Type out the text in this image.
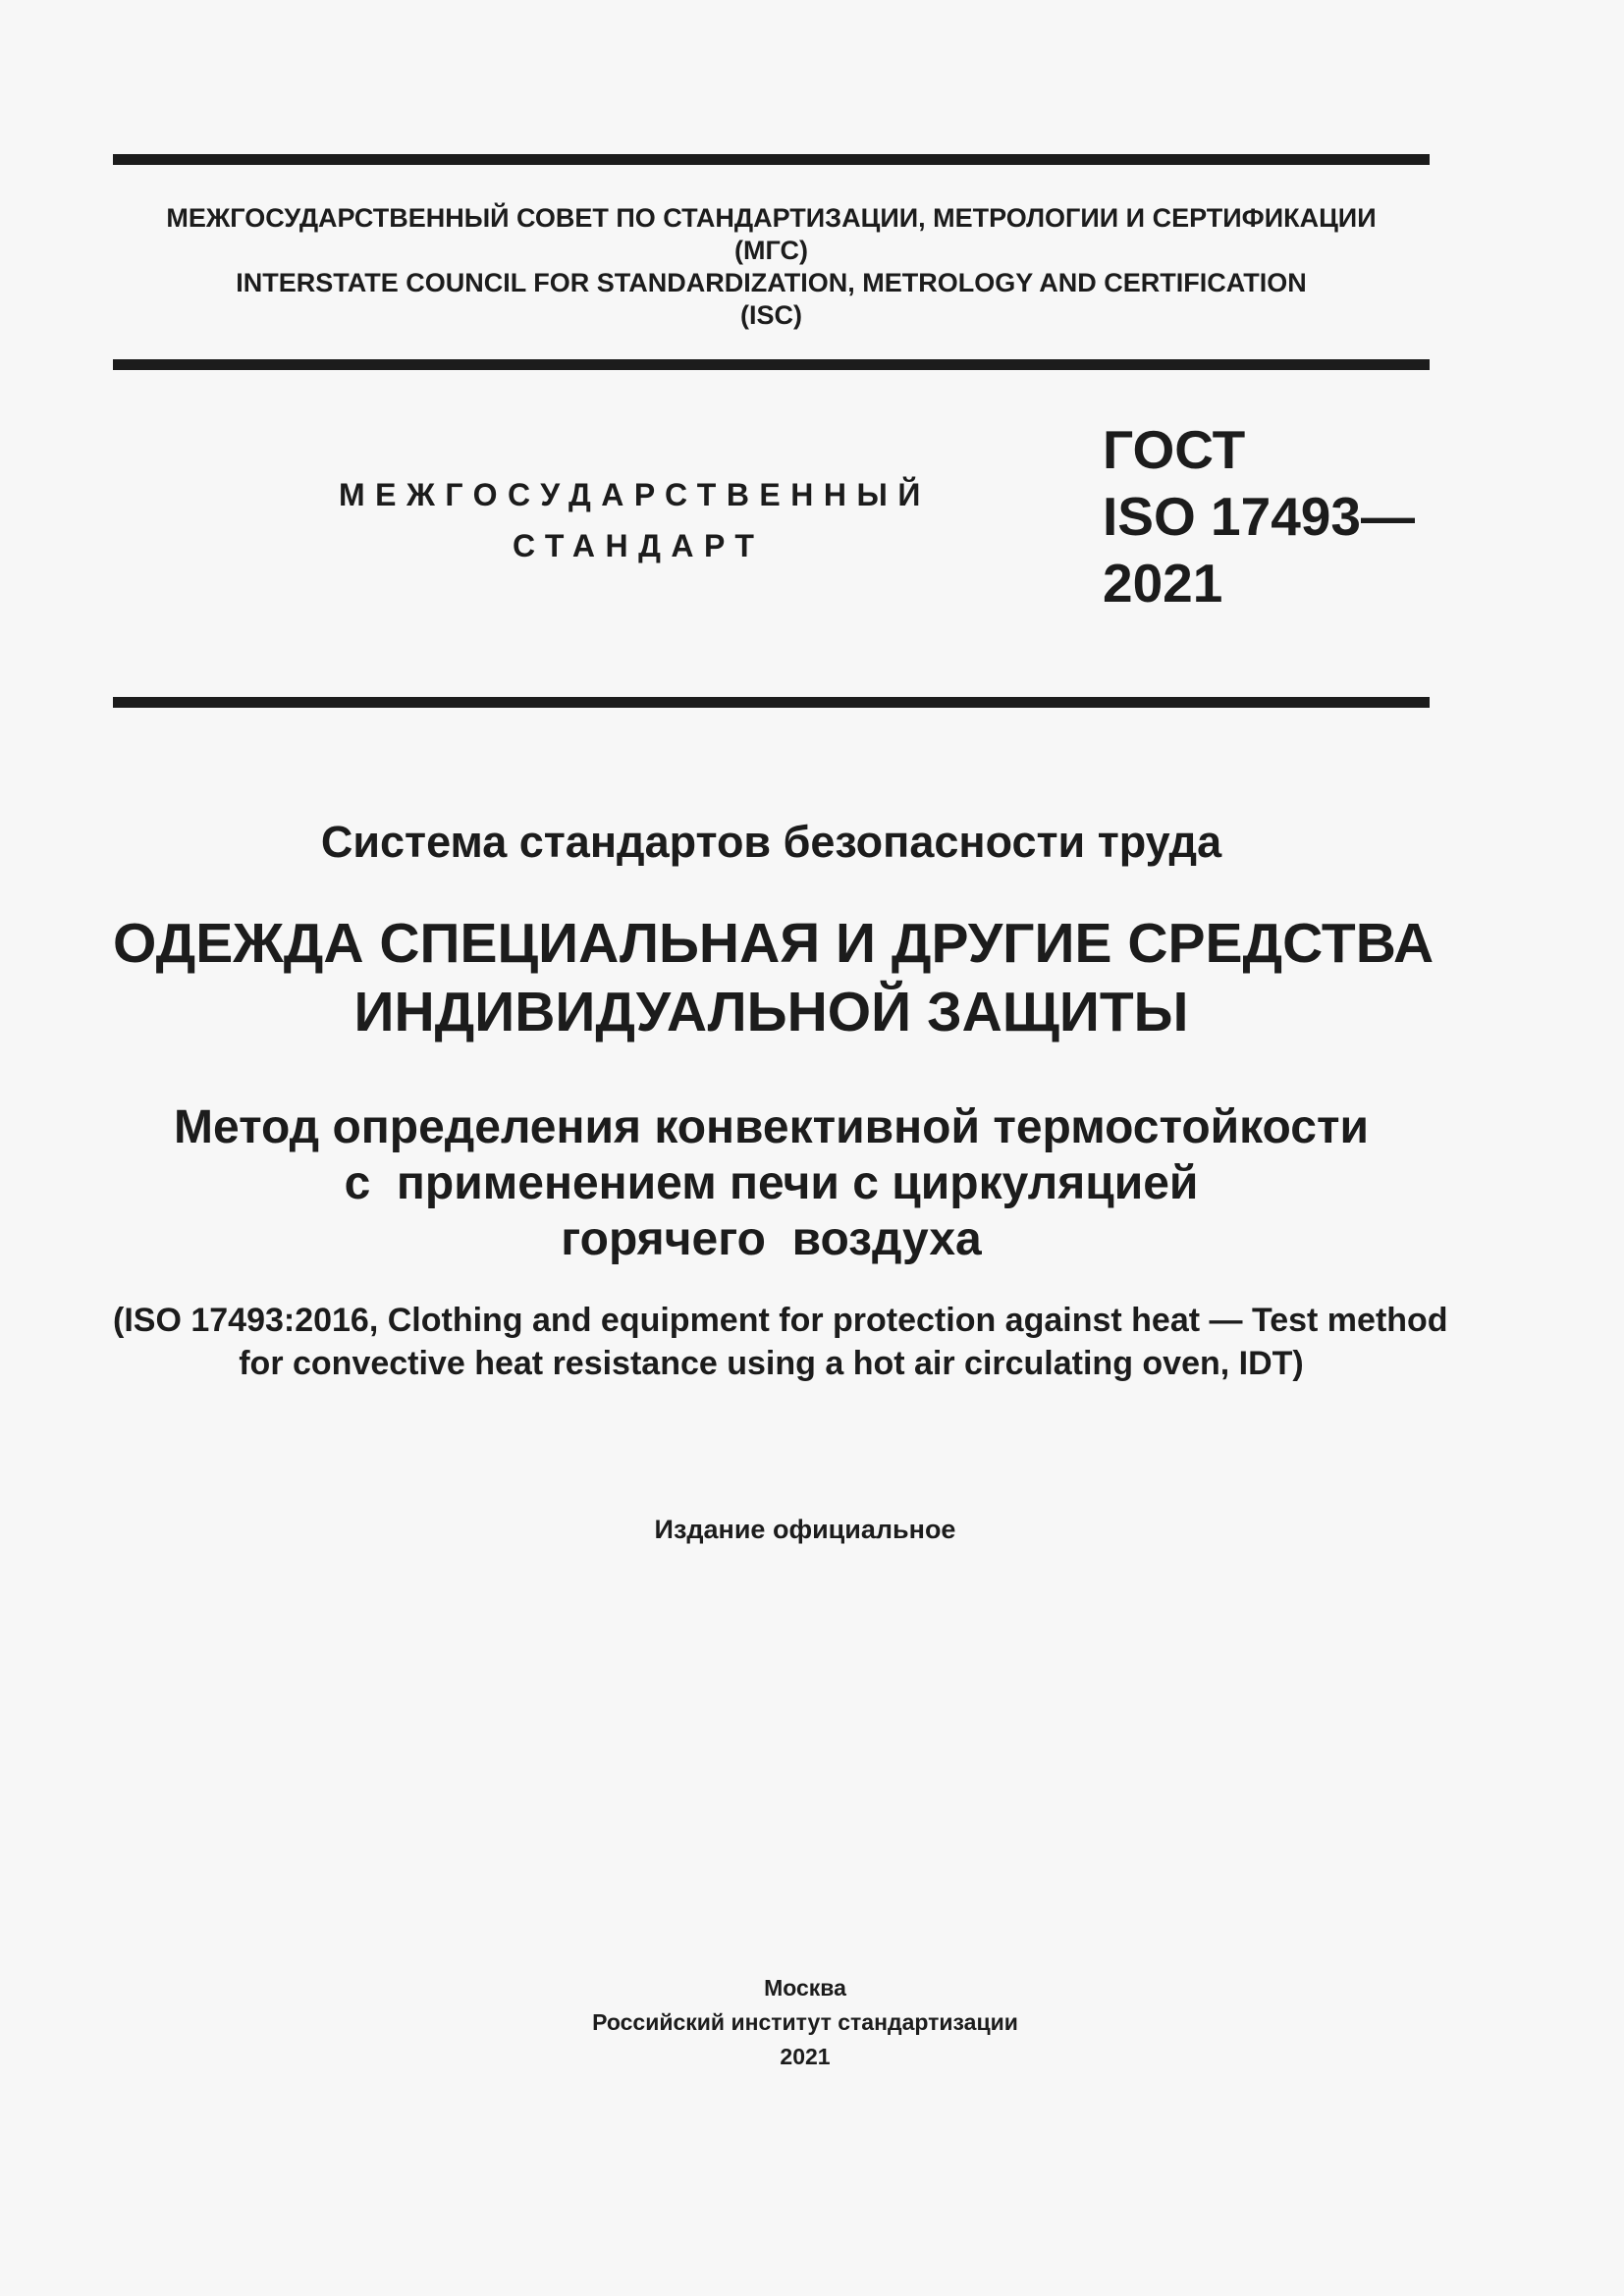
МЕЖГОСУДАРСТВЕННЫЙ СОВЕТ ПО СТАНДАРТИЗАЦИИ, МЕТРОЛОГИИ И СЕРТИФИКАЦИИ
(МГС)
INTERSTATE COUNCIL FOR STANDARDIZATION, METROLOGY AND CERTIFICATION
(ISC)
МЕЖГОСУДАРСТВЕННЫЙ
СТАНДАРТ
ГОСТ
ISO 17493—
2021
Система стандартов безопасности труда
ОДЕЖДА СПЕЦИАЛЬНАЯ И ДРУГИЕ СРЕДСТВА
ИНДИВИДУАЛЬНОЙ ЗАЩИТЫ
Метод определения конвективной термостойкости
с  применением печи с циркуляцией
горячего  воздуха
(ISO 17493:2016, Clothing and equipment for protection against heat — Test method
for convective heat resistance using a hot air circulating oven, IDT)
Издание официальное
Москва
Российский институт стандартизации
2021
